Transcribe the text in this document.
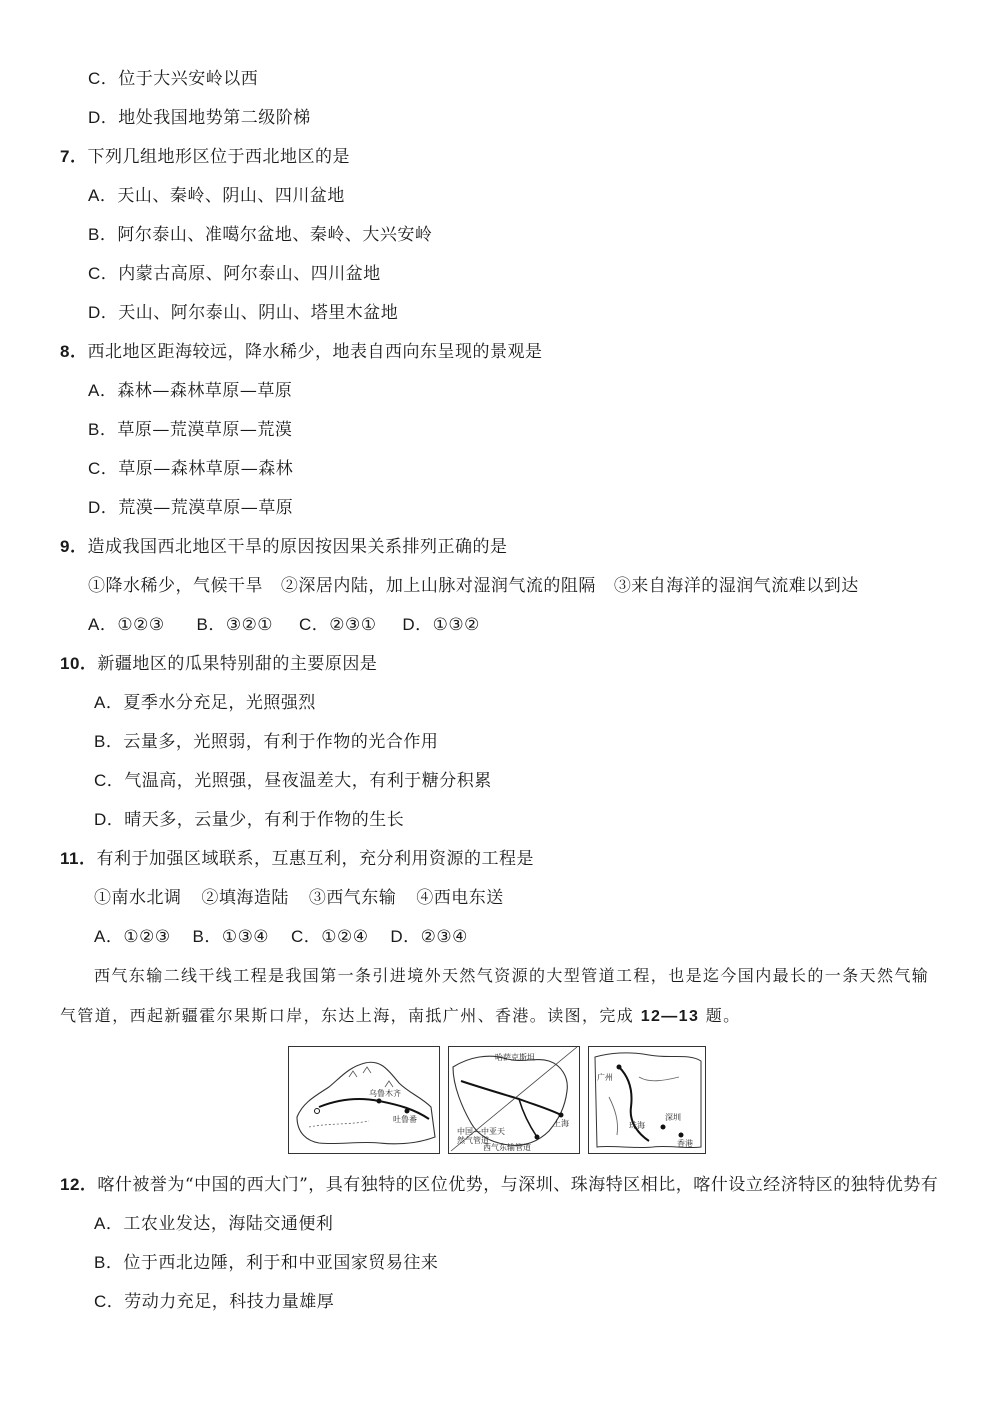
C．位于大兴安岭以西
D．地处我国地势第二级阶梯
7．下列几组地形区位于西北地区的是
A．天山、秦岭、阴山、四川盆地
B．阿尔泰山、准噶尔盆地、秦岭、大兴安岭
C．内蒙古高原、阿尔泰山、四川盆地
D．天山、阿尔泰山、阴山、塔里木盆地
8．西北地区距海较远，降水稀少，地表自西向东呈现的景观是
A．森林—森林草原—草原
B．草原—荒漠草原—荒漠
C．草原—森林草原—森林
D．荒漠—荒漠草原—草原
9．造成我国西北地区干旱的原因按因果关系排列正确的是
①降水稀少，气候干旱 ②深居内陆，加上山脉对湿润气流的阻隔 ③来自海洋的湿润气流难以到达
A．①②③ B．③②① C．②③① D．①③②
10．新疆地区的瓜果特别甜的主要原因是
A．夏季水分充足，光照强烈
B．云量多，光照弱，有利于作物的光合作用
C．气温高，光照强，昼夜温差大，有利于糖分积累
D．晴天多，云量少，有利于作物的生长
11．有利于加强区域联系，互惠互利，充分利用资源的工程是
①南水北调 ②填海造陆 ③西气东输 ④西电东送
A．①②③ B．①③④ C．①②④ D．②③④
西气东输二线干线工程是我国第一条引进境外天然气资源的大型管道工程，也是迄今国内最长的一条天然气输
气管道，西起新疆霍尔果斯口岸，东达上海，南抵广州、香港。读图，完成 12—13 题。
乌鲁木齐
吐鲁番
哈萨克斯坦
上海
中国—中亚天然气管道
西气东输管道
广州
深圳
珠海
香港
12．喀什被誉为“中国的西大门”，具有独特的区位优势，与深圳、珠海特区相比，喀什设立经济特区的独特优势有
A．工农业发达，海陆交通便利
B．位于西北边陲，利于和中亚国家贸易往来
C．劳动力充足，科技力量雄厚
